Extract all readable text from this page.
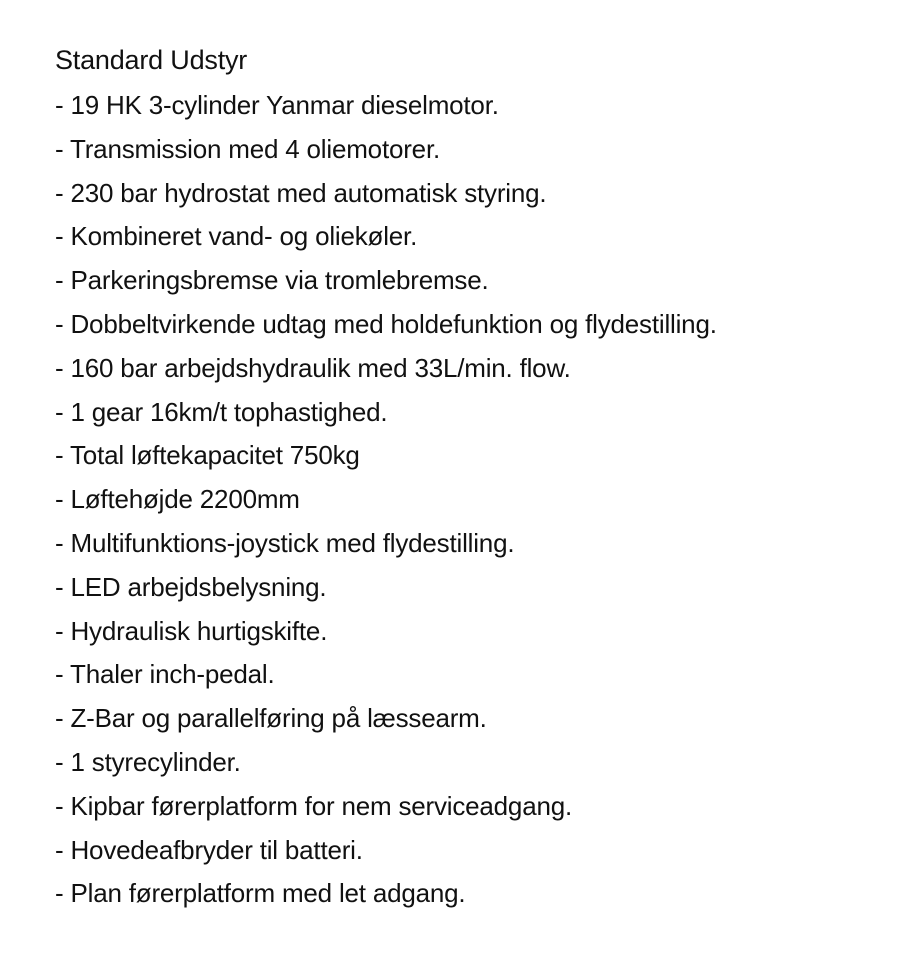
Standard Udstyr
- 19 HK 3-cylinder Yanmar dieselmotor.
- Transmission med 4 oliemotorer.
- 230 bar hydrostat med automatisk styring.
- Kombineret vand- og oliekøler.
- Parkeringsbremse via tromlebremse.
- Dobbeltvirkende udtag med holdefunktion og flydestilling.
- 160 bar arbejdshydraulik med 33L/min. flow.
- 1 gear 16km/t tophastighed.
- Total løftekapacitet 750kg
- Løftehøjde 2200mm
- Multifunktions-joystick med flydestilling.
- LED arbejdsbelysning.
- Hydraulisk hurtigskifte.
- Thaler inch-pedal.
- Z-Bar og parallelføring på læssearm.
- 1 styrecylinder.
- Kipbar førerplatform for nem serviceadgang.
- Hovedeafbryder til batteri.
- Plan førerplatform med let adgang.
